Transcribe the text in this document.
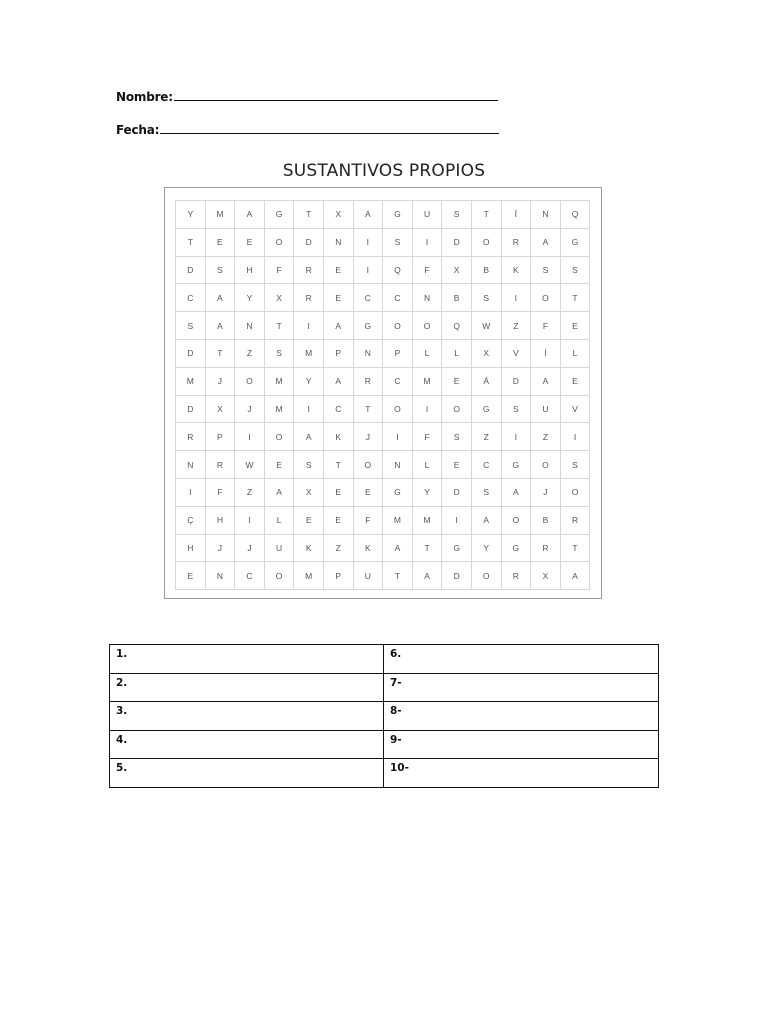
Nombre:
Fecha:
SUSTANTIVOS PROPIOS
Y	M	A	G	T	X	A	G	U	S	T	Í	N	Q
T	E	E	O	D	N	I	S	I	D	O	R	A	G
D	S	H	F	R	E	I	Q	F	X	B	K	S	S
C	A	Y	X	R	E	C	C	N	B	S	I	O	T
S	A	N	T	I	A	G	O	O	Q	W	Z	F	E
D	T	Z	S	M	P	N	P	L	L	X	V	Í	L
M	J	O	M	Y	A	R	C	M	E	Á	D	A	E
D	X	J	M	I	C	T	O	I	O	G	S	U	V
R	P	I	O	A	K	J	I	F	S	Z	I	Z	I
N	R	W	E	S	T	O	N	L	E	C	G	O	S
I	F	Z	A	X	E	E	G	Y	D	S	A	J	O
Ç	H	I	L	E	E	F	M	M	I	A	O	B	R
H	J	J	U	K	Z	K	A	T	G	Y	G	R	T
E	N	C	O	M	P	U	T	A	D	O	R	X	A
1.	6.
2.	7-
3.	8-
4.	9-
5.	10-
